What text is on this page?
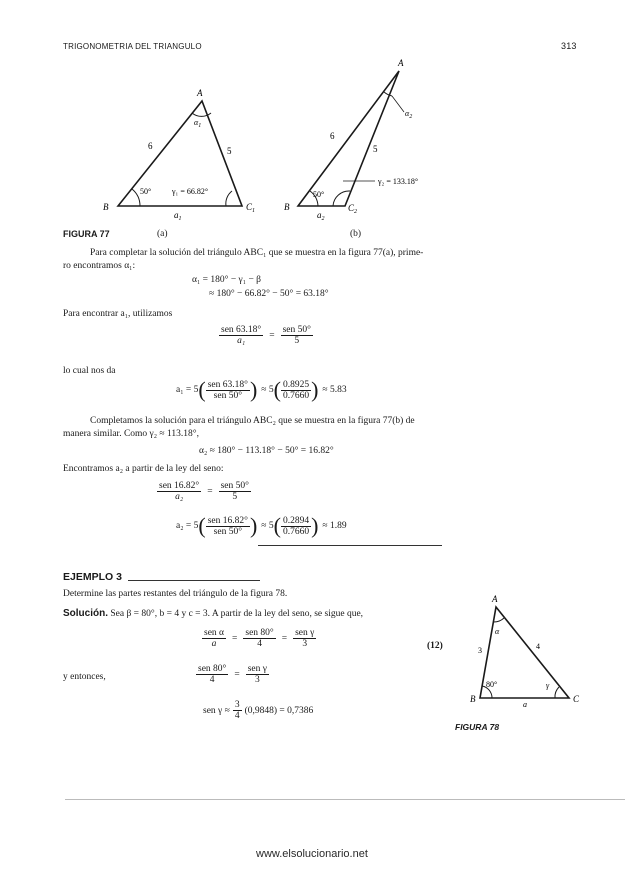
TRIGONOMETRIA DEL TRIANGULO	313
A
B	$C_1$
6	5
$a_1$
$\alpha_1$
50°	γ₁ = 66.82°
A
B	$C_2$
6
5
$a_2$
$\alpha_2$
50°
γ₂ = 133.18°
FIGURA 77	(a)	(b)
Para completar la solución del triángulo ABC₁ que se muestra en la figura 77(a), prime-
ro encontramos α₁:
α₁ = 180° − γ₁ − β
≈ 180° − 66.82° − 50° = 63.18°
Para encontrar a₁, utilizamos
$\frac{\text{sen 63.18°}}{\text{a₁}} = \frac{\text{sen 50°}}{5}$
lo cual nos da
a₁ = 5 ( $\frac{\text{sen 63.18°}}{\text{sen 50°}}$ ) ≈ 5 ( $\frac{0.8925}{0.7660}$ ) ≈ 5.83
Completamos la solución para el triángulo ABC₂ que se muestra en la figura 77(b) de
manera similar. Como γ₂ ≈ 113.18°,
α₂ ≈ 180° − 113.18° − 50° = 16.82°
Encontramos a₂ a partir de la ley del seno:
$\frac{\text{sen 16.82°}}{\text{a₂}} = \frac{\text{sen 50°}}{5}$
a₂ = 5 ( $\frac{\text{sen 16.82°}}{\text{sen 50°}}$ ) ≈ 5 ( $\frac{0.2894}{0.7660}$ ) ≈ 1.89
EJEMPLO 3
Determine las partes restantes del triángulo de la figura 78.
Solución. Sea β = 80°, b = 4 y c = 3. A partir de la ley del seno, se sigue que,
$\frac{\text{sen α}}{a} = \frac{\text{sen 80°}}{4} = \frac{\text{sen γ}}{3}$	(12)
y entonces,	$\frac{\text{sen 80°}}{4} = \frac{\text{sen γ}}{3}$
sen $\gamma \approx \frac{3}{4} (0,9848) = 0,7386$
A
B	C
3	4
a
α
80°	γ
FIGURA 78
www.elsolucionario.net
